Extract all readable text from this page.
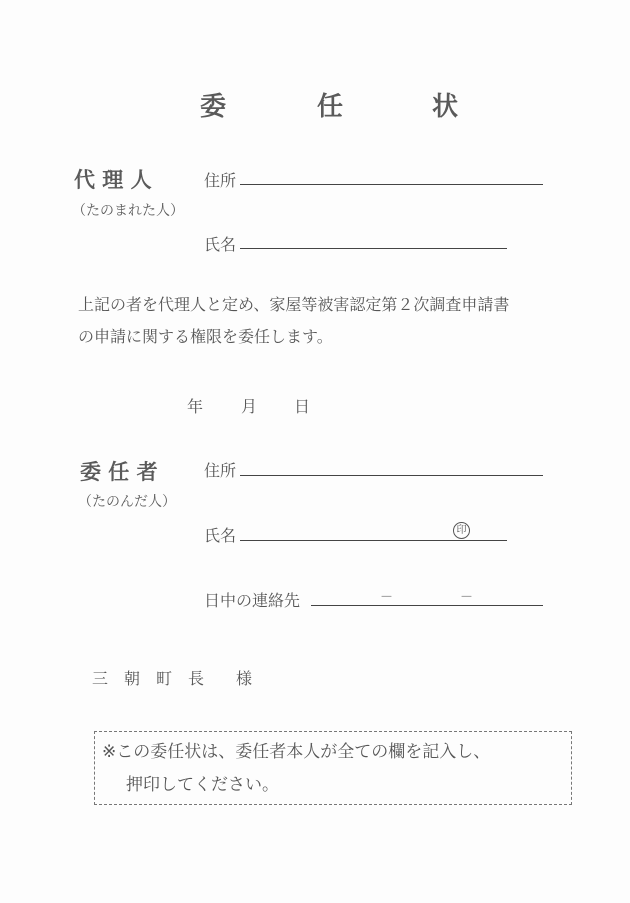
委	任	状
代 理 人
（たのまれた人）
住所
氏名
上記の者を代理人と定め、家屋等被害認定第２次調査申請書
の申請に関する権限を委任します。
年 月 日
委 任 者
（たのんだ人）
住所
氏名	印
日中の連絡先	－	－
三　朝　町　長　　様
※この委任状は、委任者本人が全ての欄を記入し、
押印してください。
